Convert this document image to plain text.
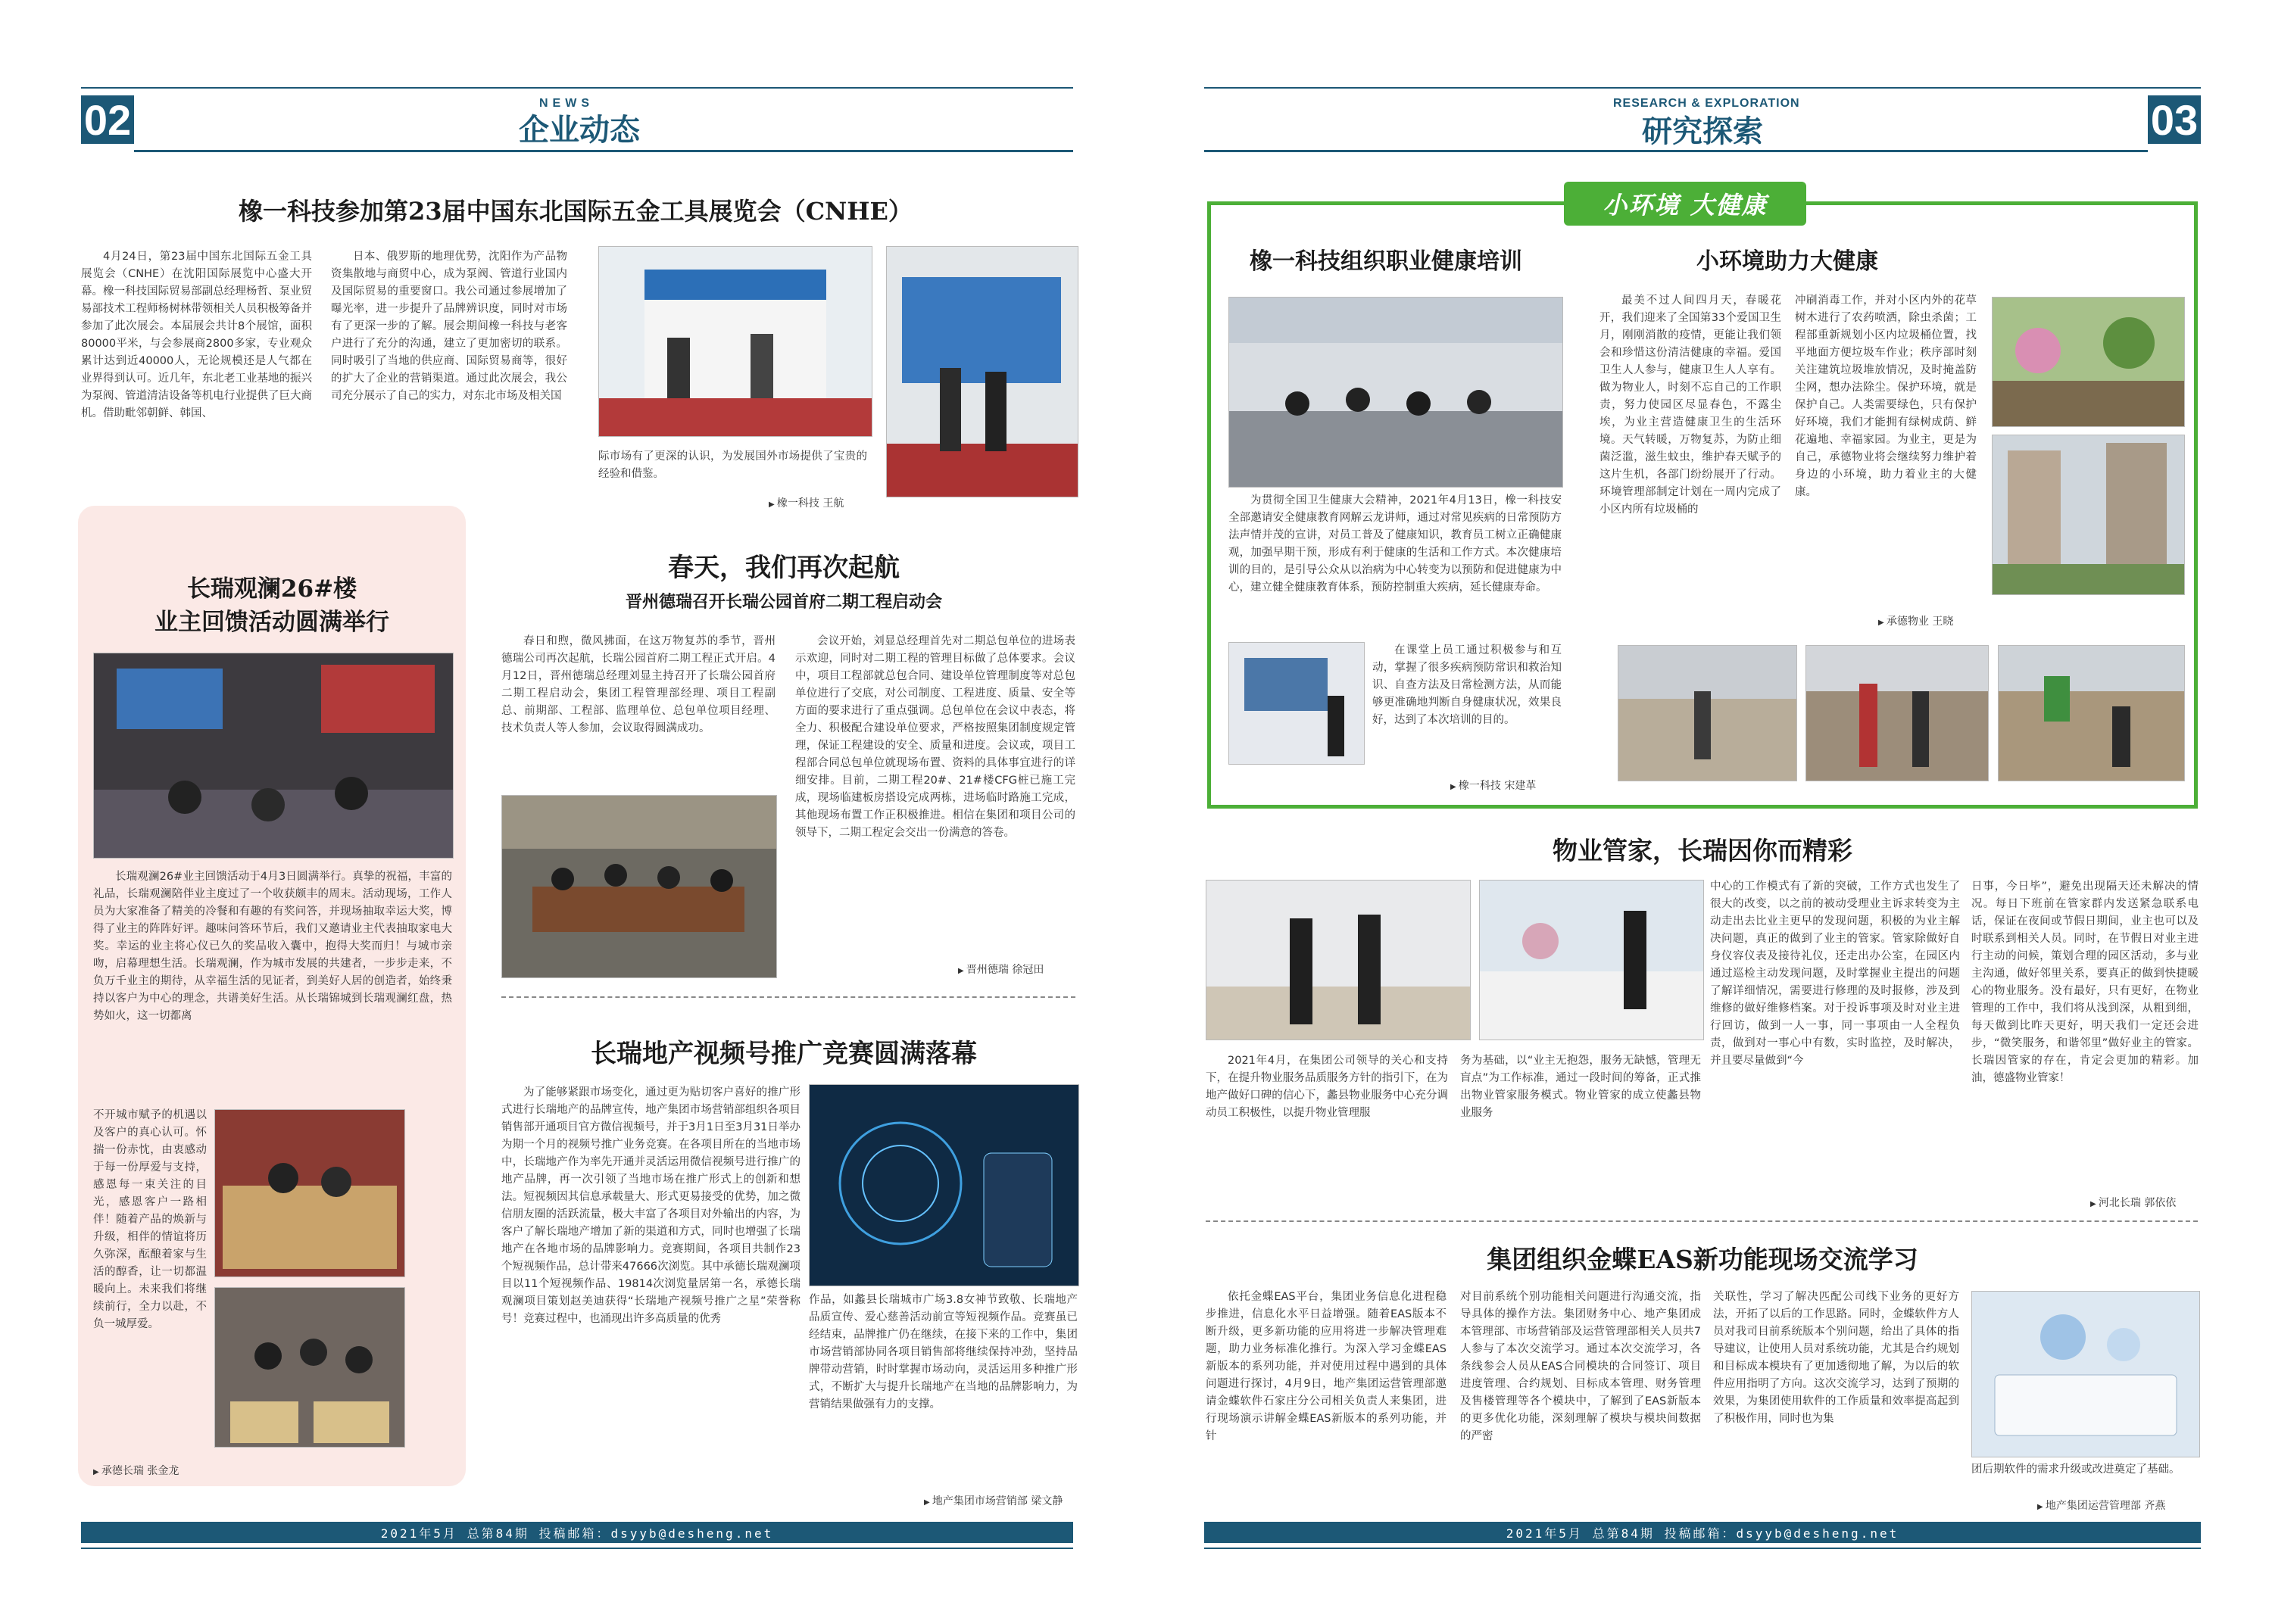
02	NEWS
企业动态
RESEARCH & EXPLORATION
研究探索	03
橡一科技参加第23届中国东北国际五金工具展览会（CNHE）

4月24日，第23届中国东北国际五金工具展览会（CNHE）在沈阳国际展览中心盛大开幕。橡一科技国际贸易部副总经理杨哲、泵业贸易部技术工程师杨树林带领相关人员积极筹备并参加了此次展会。本届展会共计8个展馆，面积80000平米，与会参展商2800多家，专业观众累计达到近40000人，无论规模还是人气都在业界得到认可。近几年，东北老工业基地的振兴为泵阀、管道清洁设备等机电行业提供了巨大商机。借助毗邻朝鲜、韩国、

日本、俄罗斯的地理优势，沈阳作为产品物资集散地与商贸中心，成为泵阀、管道行业国内及国际贸易的重要窗口。我公司通过参展增加了曝光率，进一步提升了品牌辨识度，同时对市场有了更深一步的了解。展会期间橡一科技与老客户进行了充分的沟通，建立了更加密切的联系。同时吸引了当地的供应商、国际贸易商等，很好的扩大了企业的营销渠道。通过此次展会，我公司充分展示了自己的实力，对东北市场及相关国

际市场有了更深的认识，为发展国外市场提供了宝贵的经验和借鉴。

▶ 橡一科技 王航
长瑞观澜26#楼
业主回馈活动圆满举行

长瑞观澜26#业主回馈活动于4月3日圆满举行。真挚的祝福，丰富的礼品，长瑞观澜陪伴业主度过了一个收获颇丰的周末。活动现场，工作人员为大家准备了精美的冷餐和有趣的有奖问答，并现场抽取幸运大奖，博得了业主的阵阵好评。趣味问答环节后，我们又邀请业主代表抽取家电大奖。幸运的业主将心仪已久的奖品收入囊中，抱得大奖而归！与城市亲吻，启幕理想生活。长瑞观澜，作为城市发展的共建者，一步步走来，不负万千业主的期待，从幸福生活的见证者，到美好人居的创造者，始终秉持以客户为中心的理念，共谱美好生活。从长瑞锦城到长瑞观澜红盘，热势如火，这一切都离

不开城市赋予的机遇以及客户的真心认可。怀揣一份赤忱，由衷感动于每一份厚爱与支持，感恩每一束关注的目光，感恩客户一路相伴！随着产品的焕新与升级，相伴的情谊将历久弥深，酝酿着家与生活的醇香，让一切都温暖向上。未来我们将继续前行，全力以赴，不负一城厚爱。

▶ 承德长瑞 张金龙
春天，我们再次起航
晋州德瑞召开长瑞公园首府二期工程启动会

春日和煦，微风拂面，在这万物复苏的季节，晋州德瑞公司再次起航，长瑞公园首府二期工程正式开启。4月12日，晋州德瑞总经理刘显主持召开了长瑞公园首府二期工程启动会，集团工程管理部经理、项目工程副总、前期部、工程部、监理单位、总包单位项目经理、技术负责人等人参加，会议取得圆满成功。

会议开始，刘显总经理首先对二期总包单位的进场表示欢迎，同时对二期工程的管理目标做了总体要求。会议中，项目工程部就总包合同、建设单位管理制度等对总包单位进行了交底，对公司制度、工程进度、质量、安全等方面的要求进行了重点强调。总包单位在会议中表态，将全力、积极配合建设单位要求，严格按照集团制度规定管理，保证工程建设的安全、质量和进度。会议或，项目工程部合同总包单位就现场布置、资料的具体事宜进行的详细安排。目前，二期工程20#、21#楼CFG桩已施工完成，现场临建板房搭设完成两栋，进场临时路施工完成，其他现场布置工作正积极推进。相信在集团和项目公司的领导下，二期工程定会交出一份满意的答卷。

▶ 晋州德瑞 徐冠田
长瑞地产视频号推广竞赛圆满落幕

为了能够紧跟市场变化，通过更为贴切客户喜好的推广形式进行长瑞地产的品牌宣传，地产集团市场营销部组织各项目销售部开通项目官方微信视频号，并于3月1日至3月31日举办为期一个月的视频号推广业务竞赛。在各项目所在的当地市场中，长瑞地产作为率先开通并灵活运用微信视频号进行推广的地产品牌，再一次引领了当地市场在推广形式上的创新和想法。短视频因其信息承载量大、形式更易接受的优势，加之微信朋友圈的活跃流量，极大丰富了各项目对外输出的内容，为客户了解长瑞地产增加了新的渠道和方式，同时也增强了长瑞地产在各地市场的品牌影响力。竞赛期间，各项目共制作23个短视频作品，总计带来47666次浏览。其中承德长瑞观澜项目以11个短视频作品、19814次浏览量居第一名，承德长瑞观澜项目策划赵美迪获得“长瑞地产视频号推广之星”荣誉称号！竞赛过程中，也涌现出许多高质量的优秀

作品，如蠡县长瑞城市广场3.8女神节致敬、长瑞地产品质宣传、爱心慈善活动前宣等短视频作品。竞赛虽已经结束，品牌推广仍在继续，在接下来的工作中，集团市场营销部协同各项目销售部将继续保持冲劲，坚持品牌带动营销，时时掌握市场动向，灵活运用多种推广形式，不断扩大与提升长瑞地产在当地的品牌影响力，为营销结果做强有力的支撑。

▶ 地产集团市场营销部 梁文静
小环境 大健康
橡一科技组织职业健康培训

为贯彻全国卫生健康大会精神，2021年4月13日，橡一科技安全部邀请安全健康教育网解云龙讲师，通过对常见疾病的日常预防方法声情并茂的宣讲，对员工普及了健康知识，教育员工树立正确健康观，加强早期干预，形成有利于健康的生活和工作方式。本次健康培训的目的，是引导公众从以治病为中心转变为以预防和促进健康为中心，建立健全健康教育体系，预防控制重大疾病，延长健康寿命。

在课堂上员工通过积极参与和互动，掌握了很多疾病预防常识和救治知识、自查方法及日常检测方法，从而能够更准确地判断自身健康状况，效果良好，达到了本次培训的目的。

▶ 橡一科技 宋建革
小环境助力大健康

最美不过人间四月天，春暖花开，我们迎来了全国第33个爱国卫生月，刚刚消散的疫情，更能让我们领会和珍惜这份清洁健康的幸福。爱国卫生人人参与，健康卫生人人享有。做为物业人，时刻不忘自己的工作职责，努力使园区尽显春色，不露尘埃，为业主营造健康卫生的生活环境。天气转暖，万物复苏，为防止细菌泛滥，滋生蚊虫，维护春天赋予的这片生机，各部门纷纷展开了行动。环境管理部制定计划在一周内完成了小区内所有垃圾桶的

冲刷消毒工作，并对小区内外的花草树木进行了农药喷洒，除虫杀菌；工程部重新规划小区内垃圾桶位置，找平地面方便垃圾车作业；秩序部时刻关注建筑垃圾堆放情况，及时掩盖防尘网，想办法除尘。保护环境，就是保护自己。人类需要绿色，只有保护好环境，我们才能拥有绿树成荫、鲜花遍地、幸福家园。为业主，更是为自己，承德物业将会继续努力维护着身边的小环境，助力着业主的大健康。

▶ 承德物业 王晓
物业管家，长瑞因你而精彩

中心的工作模式有了新的突破，工作方式也发生了很大的改变，以之前的被动受理业主诉求转变为主动走出去比业主更早的发现问题，积极的为业主解决问题，真正的做到了业主的管家。管家除做好自身仪容仪表及接待礼仪，还走出办公室，在园区内通过巡检主动发现问题，及时掌握业主提出的问题了解详细情况，需要进行修理的及时报修，涉及到维修的做好维修档案。对于投诉事项及时对业主进行回访，做到一人一事，同一事项由一人全程负责，做到对一事心中有数，实时监控，及时解决，并且要尽量做到“今

日事，今日毕”，避免出现隔天还未解决的情况。每日下班前在管家群内发送紧急联系电话，保证在夜间或节假日期间，业主也可以及时联系到相关人员。同时，在节假日对业主进行主动的问候，策划合理的园区活动，多与业主沟通，做好邻里关系，要真正的做到快捷暖心的物业服务。没有最好，只有更好，在物业管理的工作中，我们将从浅到深，从粗到细，每天做到比昨天更好，明天我们一定还会进步，“微笑服务，和谐邻里”做好业主的管家。长瑞因管家的存在，肯定会更加的精彩。加油，德盛物业管家！

2021年4月，在集团公司领导的关心和支持下，在提升物业服务品质服务方针的指引下，在为地产做好口碑的信心下，蠡县物业服务中心充分调动员工积极性，以提升物业管理服

务为基础，以“业主无抱怨，服务无缺憾，管理无盲点”为工作标准，通过一段时间的筹备，正式推出物业管家服务模式。物业管家的成立使蠡县物业服务

▶ 河北长瑞 郭依依
集团组织金蝶EAS新功能现场交流学习

依托金蝶EAS平台，集团业务信息化进程稳步推进，信息化水平日益增强。随着EAS版本不断升级，更多新功能的应用将进一步解决管理难题，助力业务标准化推行。为深入学习金蝶EAS新版本的系列功能，并对使用过程中遇到的具体问题进行探讨，4月9日，地产集团运营管理部邀请金蝶软件石家庄分公司相关负责人来集团，进行现场演示讲解金蝶EAS新版本的系列功能，并针

对目前系统个别功能相关问题进行沟通交流，指导具体的操作方法。集团财务中心、地产集团成本管理部、市场营销部及运营管理部相关人员共7人参与了本次交流学习。通过本次交流学习，各条线参会人员从EAS合同模块的合同签订、项目进度管理、合约规划、目标成本管理、财务管理及售楼管理等各个模块中，了解到了EAS新版本的更多优化功能，深刻理解了模块与模块间数据的严密

关联性，学习了解决匹配公司线下业务的更好方法，开拓了以后的工作思路。同时，金蝶软件方人员对我司目前系统版本个别问题，给出了具体的指导建议，让使用人员对系统功能，尤其是合约规划和目标成本模块有了更加透彻地了解，为以后的软件应用指明了方向。这次交流学习，达到了预期的效果，为集团使用软件的工作质量和效率提高起到了积极作用，同时也为集

团后期软件的需求升级或改进奠定了基础。

▶ 地产集团运营管理部 齐燕
2021年5月 总第84期 投稿邮箱：dsyyb@desheng.net	2021年5月 总第84期 投稿邮箱：dsyyb@desheng.net
